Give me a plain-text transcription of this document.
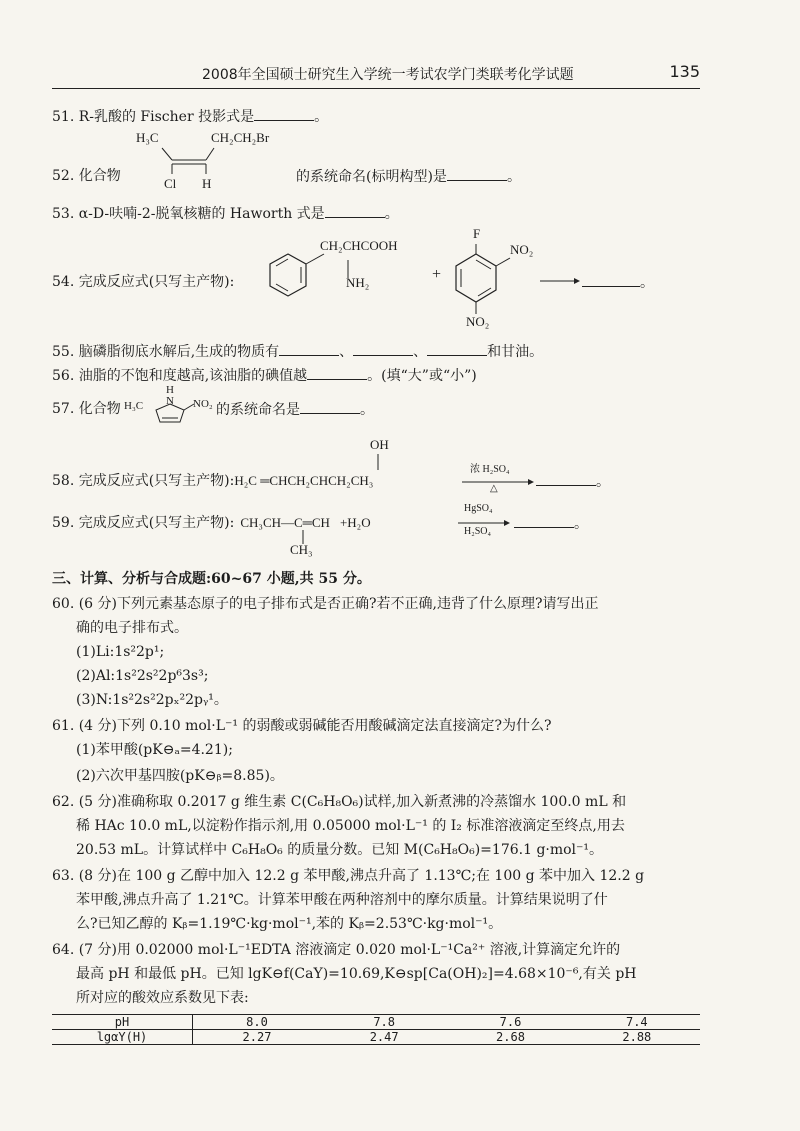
2008年全国硕士研究生入学统一考试农学门类联考化学试题	135
51. R-乳酸的 Fischer 投影式是	。
H₃C	CH₂CH₂Br
Cl H
52. 化合物	的系统命名(标明构型)是	。
53. α-D-呋喃-2-脱氧核糖的 Haworth 式是	。
54. 完成反应式(只写主产物):
CH₂CHCOOH
NH₂	+
F
NO₂
NO₂
。
55. 脑磷脂彻底水解后,生成的物质有	、	、	和甘油。
56. 油脂的不饱和度越高,该油脂的碘值越	。(填“大”或“小”)
57. 化合物 H₃C
H
N NO₂ 的系统命名是	。
OH
58. 完成反应式(只写主产物):H₂C ═CHCH₂CHCH₂CH₃
浓 H₂SO₄
△	。
59. 完成反应式(只写主产物): CH₃CH—C═CH +H₂O
CH₃
HgSO₄
H₂SO₄	。
三、计算、分析与合成题:60~67 小题,共 55 分。
60. (6 分)下列元素基态原子的电子排布式是否正确?若不正确,违背了什么原理?请写出正
确的电子排布式。
(1)Li:1s²2p¹;
(2)Al:1s²2s²2p⁶3s³;
(3)N:1s²2s²2pₓ²2pᵧ¹。
61. (4 分)下列 0.10 mol·L⁻¹ 的弱酸或弱碱能否用酸碱滴定法直接滴定?为什么?
(1)苯甲酸(pK⊖ₐ=4.21);
(2)六次甲基四胺(pK⊖ᵦ=8.85)。
62. (5 分)准确称取 0.2017 g 维生素 C(C₆H₈O₆)试样,加入新煮沸的冷蒸馏水 100.0 mL 和
稀 HAc 10.0 mL,以淀粉作指示剂,用 0.05000 mol·L⁻¹ 的 I₂ 标准溶液滴定至终点,用去
20.53 mL。计算试样中 C₆H₈O₆ 的质量分数。已知 M(C₆H₈O₆)=176.1 g·mol⁻¹。
63. (8 分)在 100 g 乙醇中加入 12.2 g 苯甲酸,沸点升高了 1.13℃;在 100 g 苯中加入 12.2 g
苯甲酸,沸点升高了 1.21℃。计算苯甲酸在两种溶剂中的摩尔质量。计算结果说明了什
么?已知乙醇的 Kᵦ=1.19℃·kg·mol⁻¹,苯的 Kᵦ=2.53℃·kg·mol⁻¹。
64. (7 分)用 0.02000 mol·L⁻¹EDTA 溶液滴定 0.020 mol·L⁻¹Ca²⁺ 溶液,计算滴定允许的
最高 pH 和最低 pH。已知 lgK⊖f(CaY)=10.69,K⊖sp[Ca(OH)₂]=4.68×10⁻⁶,有关 pH
所对应的酸效应系数见下表:
pH	8.0	7.8	7.6	7.4
lgαY(H)	2.27	2.47	2.68	2.88
